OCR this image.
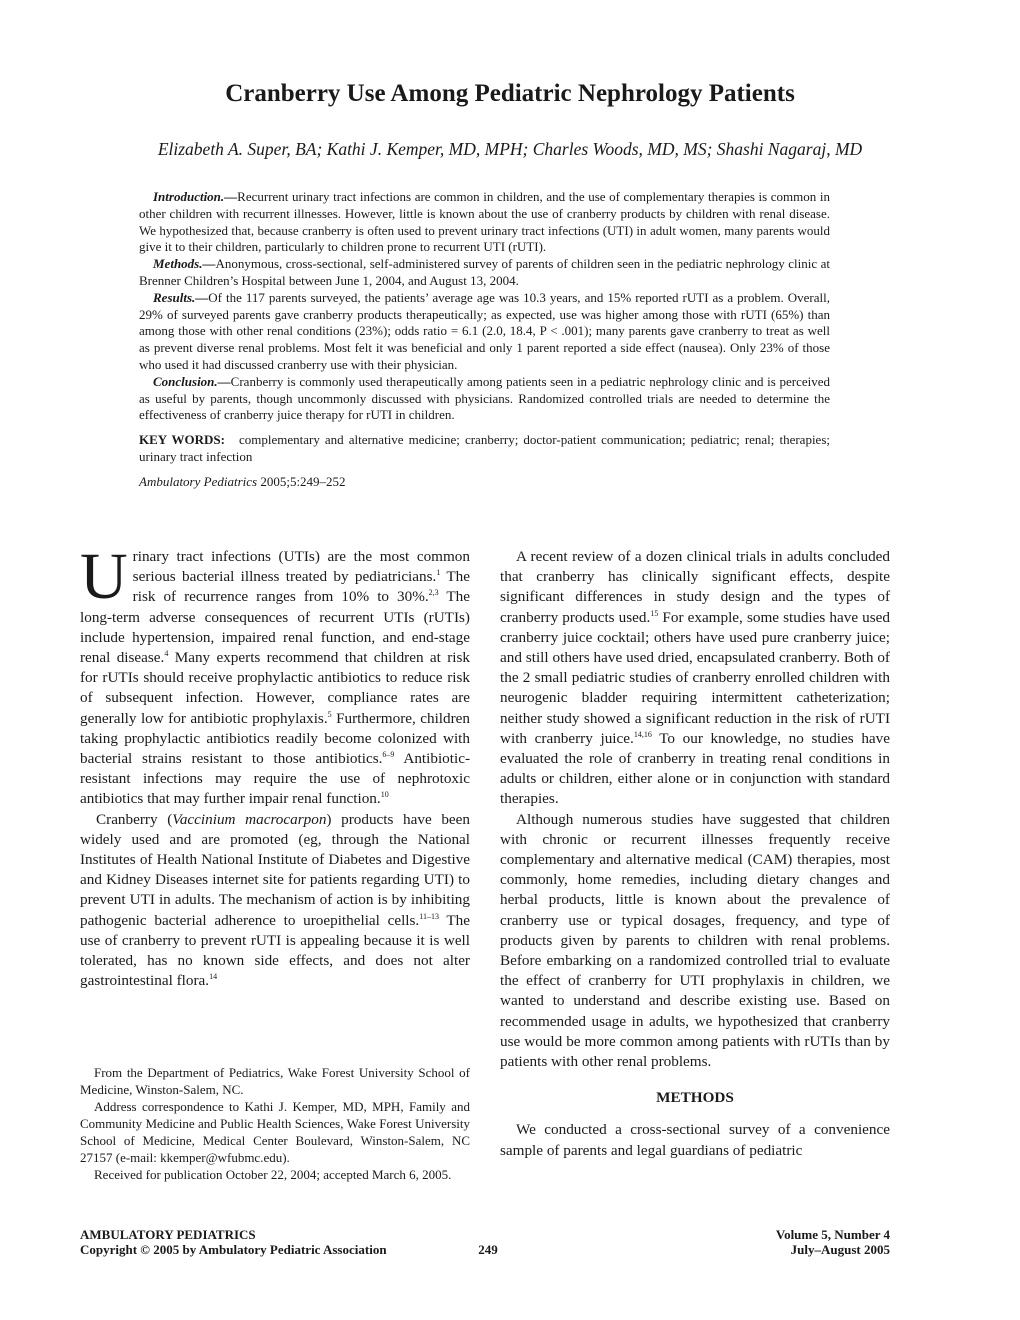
Cranberry Use Among Pediatric Nephrology Patients

Elizabeth A. Super, BA; Kathi J. Kemper, MD, MPH; Charles Woods, MD, MS; Shashi Nagaraj, MD

Introduction.—Recurrent urinary tract infections are common in children, and the use of complementary therapies is common in other children with recurrent illnesses. However, little is known about the use of cranberry products by children with renal disease. We hypothesized that, because cranberry is often used to prevent urinary tract infections (UTI) in adult women, many parents would give it to their children, particularly to children prone to recurrent UTI (rUTI).

Methods.—Anonymous, cross-sectional, self-administered survey of parents of children seen in the pediatric nephrology clinic at Brenner Children’s Hospital between June 1, 2004, and August 13, 2004.

Results.—Of the 117 parents surveyed, the patients’ average age was 10.3 years, and 15% reported rUTI as a problem. Overall, 29% of surveyed parents gave cranberry products therapeutically; as expected, use was higher among those with rUTI (65%) than among those with other renal conditions (23%); odds ratio = 6.1 (2.0, 18.4, P < .001); many parents gave cranberry to treat as well as prevent diverse renal problems. Most felt it was beneficial and only 1 parent reported a side effect (nausea). Only 23% of those who used it had discussed cranberry use with their physician.

Conclusion.—Cranberry is commonly used therapeutically among patients seen in a pediatric nephrology clinic and is perceived as useful by parents, though uncommonly discussed with physicians. Randomized controlled trials are needed to determine the effectiveness of cranberry juice therapy for rUTI in children.

KEY WORDS: complementary and alternative medicine; cranberry; doctor-patient communication; pediatric; renal; therapies; urinary tract infection

Ambulatory Pediatrics 2005;5:249–252

Urinary tract infections (UTIs) are the most common serious bacterial illness treated by pediatricians.$^1$ The risk of recurrence ranges from 10% to 30%.$^{2,3}$ The long-term adverse consequences of recurrent UTIs (rUTIs) include hypertension, impaired renal function, and end-stage renal disease.$^4$ Many experts recommend that children at risk for rUTIs should receive prophylactic antibiotics to reduce risk of subsequent infection. However, compliance rates are generally low for antibiotic prophylaxis.$^5$ Furthermore, children taking prophylactic antibiotics readily become colonized with bacterial strains resistant to those antibiotics.$^{6-9}$ Antibiotic-resistant infections may require the use of nephrotoxic antibiotics that may further impair renal function.$^{10}$

Cranberry (Vaccinium macrocarpon) products have been widely used and are promoted (eg, through the National Institutes of Health National Institute of Diabetes and Digestive and Kidney Diseases internet site for patients regarding UTI) to prevent UTI in adults. The mechanism of action is by inhibiting pathogenic bacterial adherence to uroepithelial cells.$^{11-13}$ The use of cranberry to prevent rUTI is appealing because it is well tolerated, has no known side effects, and does not alter gastrointestinal flora.$^{14}$

From the Department of Pediatrics, Wake Forest University School of Medicine, Winston-Salem, NC.

Address correspondence to Kathi J. Kemper, MD, MPH, Family and Community Medicine and Public Health Sciences, Wake Forest University School of Medicine, Medical Center Boulevard, Winston-Salem, NC 27157 (e-mail: kkemper@wfubmc.edu).

Received for publication October 22, 2004; accepted March 6, 2005.

A recent review of a dozen clinical trials in adults concluded that cranberry has clinically significant effects, despite significant differences in study design and the types of cranberry products used.$^{15}$ For example, some studies have used cranberry juice cocktail; others have used pure cranberry juice; and still others have used dried, encapsulated cranberry. Both of the 2 small pediatric studies of cranberry enrolled children with neurogenic bladder requiring intermittent catheterization; neither study showed a significant reduction in the risk of rUTI with cranberry juice.$^{14,16}$ To our knowledge, no studies have evaluated the role of cranberry in treating renal conditions in adults or children, either alone or in conjunction with standard therapies.

Although numerous studies have suggested that children with chronic or recurrent illnesses frequently receive complementary and alternative medical (CAM) therapies, most commonly, home remedies, including dietary changes and herbal products, little is known about the prevalence of cranberry use or typical dosages, frequency, and type of products given by parents to children with renal problems. Before embarking on a randomized controlled trial to evaluate the effect of cranberry for UTI prophylaxis in children, we wanted to understand and describe existing use. Based on recommended usage in adults, we hypothesized that cranberry use would be more common among patients with rUTIs than by patients with other renal problems.

METHODS

We conducted a cross-sectional survey of a convenience sample of parents and legal guardians of pediatric

AMBULATORY PEDIATRICS
Copyright © 2005 by Ambulatory Pediatric Association	249
Volume 5, Number 4
July–August 2005
